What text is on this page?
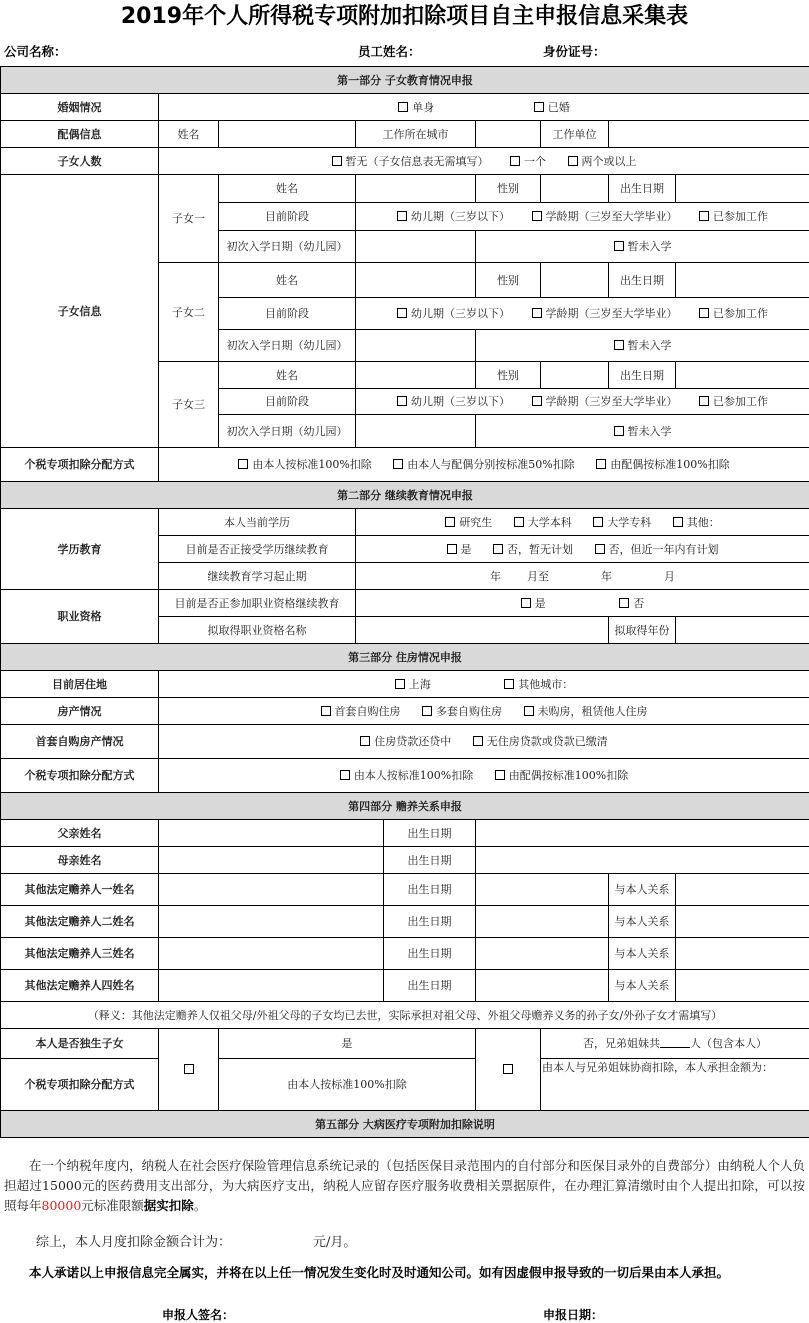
2019年个人所得税专项附加扣除项目自主申报信息采集表
公司名称：	员工姓名：	身份证号：
第一部分 子女教育情况申报								
婚姻情况	单身 已婚							
配偶信息	姓名		工作所在城市			工作单位		
子女人数	暂无（子女信息表无需填写） 一个 两个或以上							
子女信息	子女一	姓名			性别		出生日期	
		目前阶段	幼儿期（三岁以下） 学龄期（三岁至大学毕业） 已参加工作					
		初次入学日期（幼儿园）			暂未入学			
	子女二	姓名			性别		出生日期	
		目前阶段	幼儿期（三岁以下） 学龄期（三岁至大学毕业） 已参加工作					
		初次入学日期（幼儿园）			暂未入学			
	子女三	姓名			性别		出生日期	
		目前阶段	幼儿期（三岁以下） 学龄期（三岁至大学毕业） 已参加工作					
		初次入学日期（幼儿园）			暂未入学			
个税专项扣除分配方式	由本人按标准100%扣除 由本人与配偶分别按标准50%扣除 由配偶按标准100%扣除							
第二部分 继续教育情况申报								
学历教育	本人当前学历		研究生 大学本科 大学专科 其他：					
	目前是否正接受学历继续教育		是 否，暂无计划 否，但近一年内有计划					
	继续教育学习起止期		年 月至 年 月					
职业资格	目前是否正参加职业资格继续教育		是 否					
	拟取得职业资格名称						拟取得年份	
第三部分 住房情况申报								
目前居住地	上海 其他城市：							
房产情况	首套自购住房 多套自购住房 未购房，租赁他人住房							
首套自购房产情况	住房贷款还贷中 无住房贷款或贷款已缴清							
个税专项扣除分配方式	由本人按标准100%扣除 由配偶按标准100%扣除							
第四部分 赡养关系申报								
父亲姓名				出生日期				
母亲姓名				出生日期				
其他法定赡养人一姓名				出生日期			与本人关系	
其他法定赡养人二姓名				出生日期			与本人关系	
其他法定赡养人三姓名				出生日期			与本人关系	
其他法定赡养人四姓名				出生日期			与本人关系	
（释义：其他法定赡养人仅祖父母/外祖父母的子女均已去世，实际承担对祖父母、外祖父母赡养义务的孙子女/外孙子女才需填写）								
本人是否独生子女		是				否，兄弟姐妹共 人（包含本人）		
个税专项扣除分配方式		由本人按标准100%扣除				由本人与兄弟姐妹协商扣除，本人承担金额为：		
第五部分 大病医疗专项附加扣除说明								
在一个纳税年度内，纳税人在社会医疗保险管理信息系统记录的（包括医保目录范围内的自付部分和医保目录外的自费部分）由纳税人个人负担超过15000元的医药费用支出部分，为大病医疗支出，纳税人应留存医疗服务收费相关票据原件，在办理汇算清缴时由个人提出扣除，可以按照每年80000元标准限额据实扣除。
综上，本人月度扣除金额合计为：	元/月。
本人承诺以上申报信息完全属实，并将在以上任一情况发生变化时及时通知公司。如有因虚假申报导致的一切后果由本人承担。
申报人签名：	申报日期：
